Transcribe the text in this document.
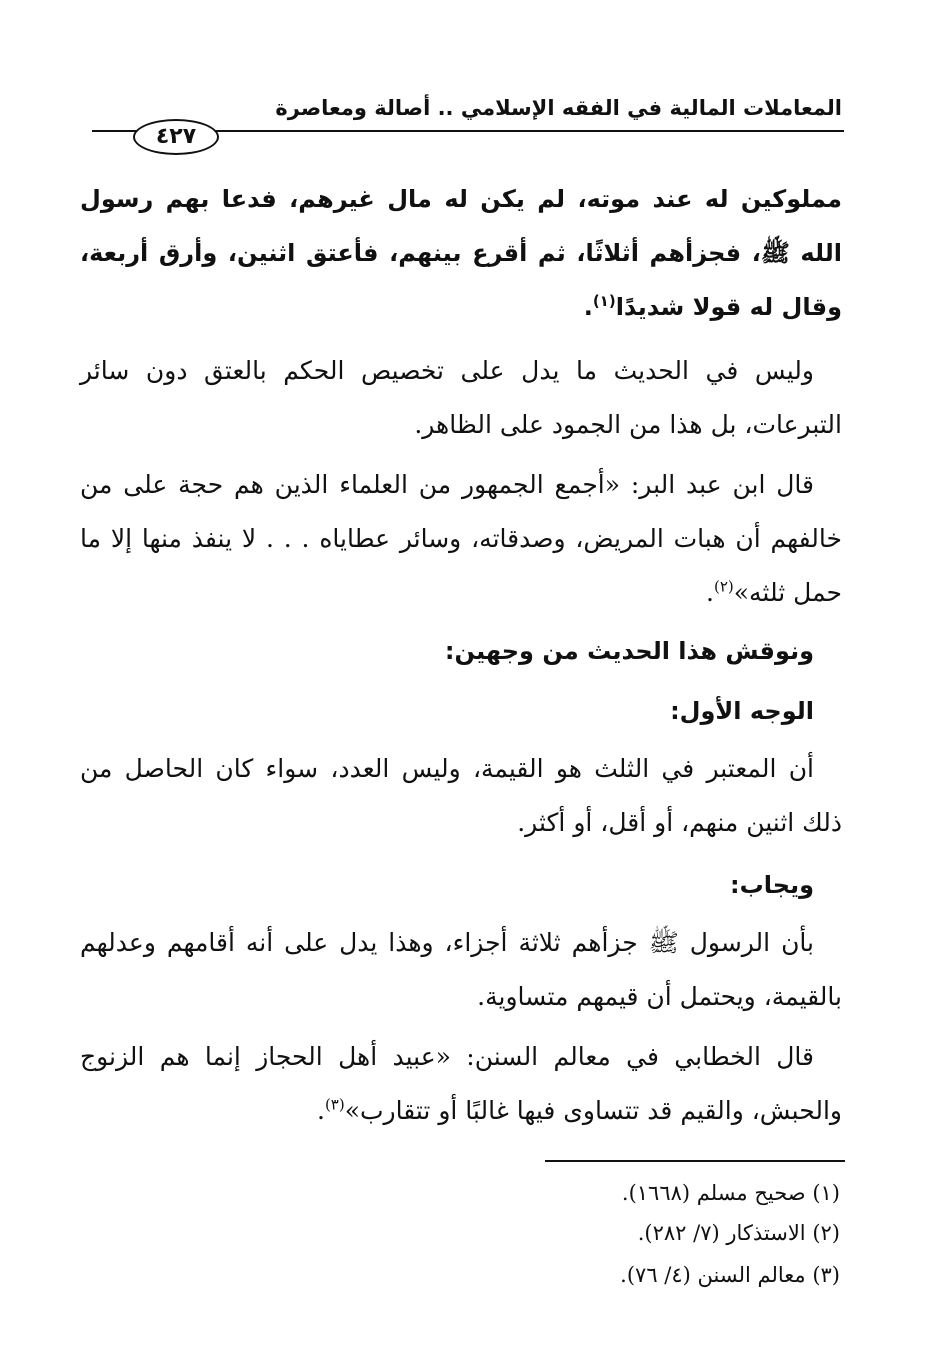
المعاملات المالية في الفقه الإسلامي .. أصالة ومعاصرة
٤٢٧
مملوكين له عند موته، لم يكن له مال غيرهم، فدعا بهم رسول الله ﷺ، فجزأهم أثلاثًا، ثم أقرع بينهم، فأعتق اثنين، وأرق أربعة، وقال له قولا شديدًا$^{(١)}$.
وليس في الحديث ما يدل على تخصيص الحكم بالعتق دون سائر التبرعات، بل هذا من الجمود على الظاهر.
قال ابن عبد البر: «أجمع الجمهور من العلماء الذين هم حجة على من خالفهم أن هبات المريض، وصدقاته، وسائر عطاياه . . . لا ينفذ منها إلا ما حمل ثلثه»$^{(٢)}$.
ونوقش هذا الحديث من وجهين:
الوجه الأول:
أن المعتبر في الثلث هو القيمة، وليس العدد، سواء كان الحاصل من ذلك اثنين منهم، أو أقل، أو أكثر.
ويجاب:
بأن الرسول ﷺ جزأهم ثلاثة أجزاء، وهذا يدل على أنه أقامهم وعدلهم بالقيمة، ويحتمل أن قيمهم متساوية.
قال الخطابي في معالم السنن: «عبيد أهل الحجاز إنما هم الزنوج والحبش، والقيم قد تتساوى فيها غالبًا أو تتقارب»$^{(٣)}$.
(١) صحيح مسلم (١٦٦٨).
(٢) الاستذكار (٧/ ٢٨٢).
(٣) معالم السنن (٤/ ٧٦).
